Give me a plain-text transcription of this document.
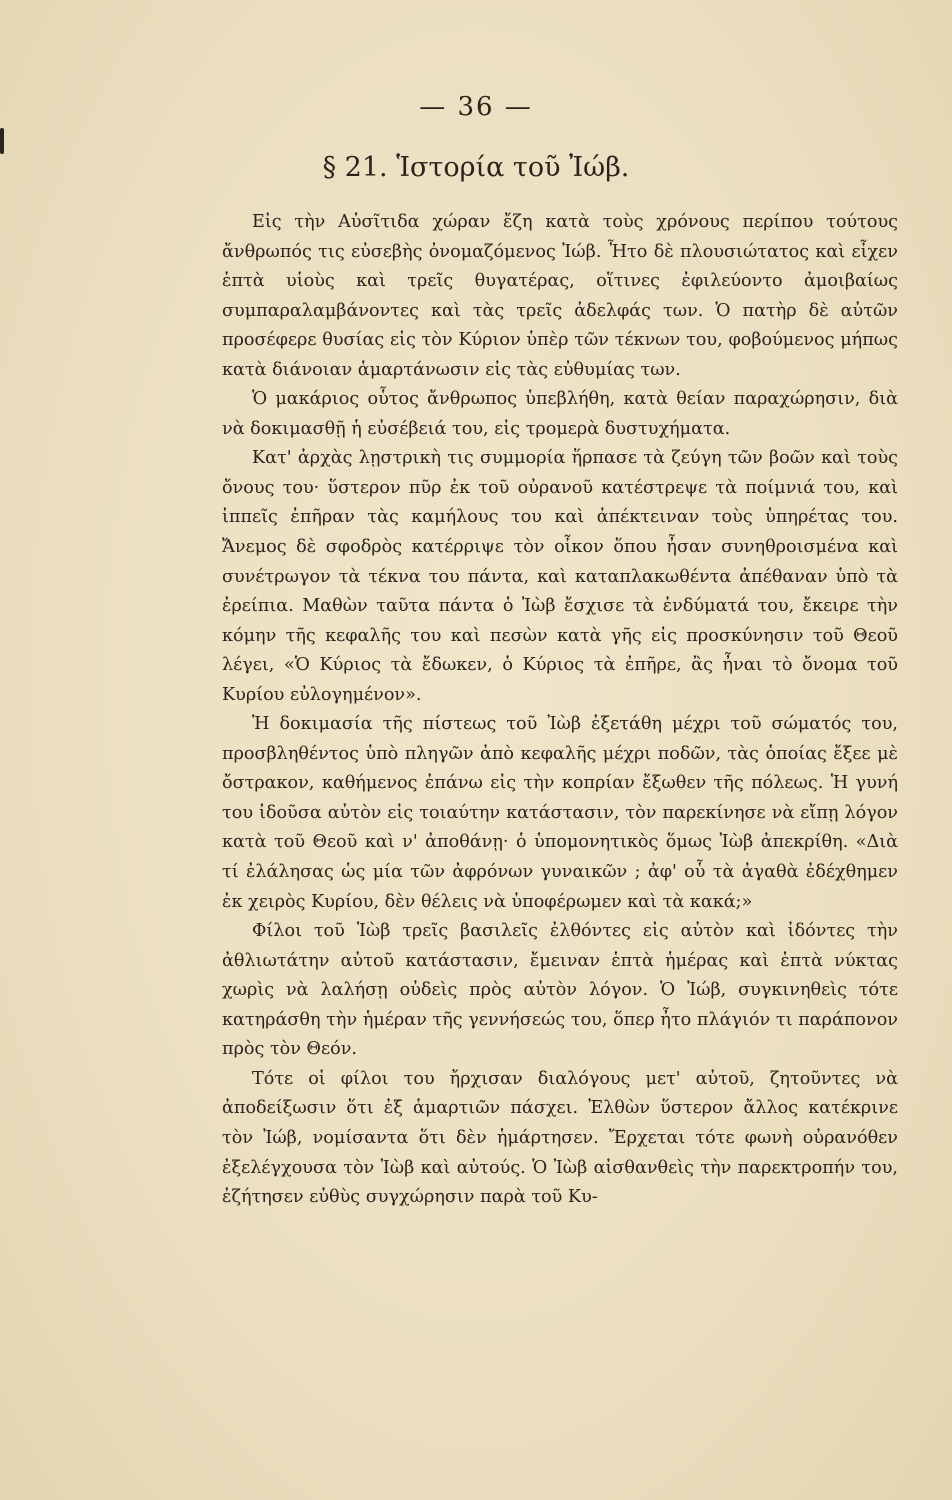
— 36 —
§ 21. Ἱστορία τοῦ Ἰώβ.

Εἰς τὴν Αὐσῖτιδα χώραν ἔζη κατὰ τοὺς χρόνους περίπου τούτους ἄνθρωπός τις εὐσεβὴς ὀνομαζόμενος Ἰώβ. Ἦτο δὲ πλουσιώτατος καὶ εἶχεν ἑπτὰ υἱοὺς καὶ τρεῖς θυγατέρας, οἵτινες ἐφιλεύοντο ἀμοιβαίως συμπαραλαμβάνοντες καὶ τὰς τρεῖς ἀδελφάς των. Ὁ πατὴρ δὲ αὐτῶν προσέφερε θυσίας εἰς τὸν Κύριον ὑπὲρ τῶν τέκνων του, φοβούμενος μήπως κατὰ διάνοιαν ἁμαρτάνωσιν εἰς τὰς εὐθυμίας των.

Ὁ μακάριος οὗτος ἄνθρωπος ὑπεβλήθη, κατὰ θείαν παραχώρησιν, διὰ νὰ δοκιμασθῇ ἡ εὐσέβειά του, εἰς τρομερὰ δυστυχήματα.

Κατ' ἀρχὰς λῃστρικὴ τις συμμορία ἥρπασε τὰ ζεύγη τῶν βοῶν καὶ τοὺς ὄνους του· ὕστερον πῦρ ἐκ τοῦ οὐρανοῦ κατέστρεψε τὰ ποίμνιά του, καὶ ἱππεῖς ἐπῆραν τὰς καμήλους του καὶ ἀπέκτειναν τοὺς ὑπηρέτας του. Ἄνεμος δὲ σφοδρὸς κατέρριψε τὸν οἶκον ὅπου ἦσαν συνηθροισμένα καὶ συνέτρωγον τὰ τέκνα του πάντα, καὶ καταπλακωθέντα ἀπέθαναν ὑπὸ τὰ ἐρείπια. Μαθὼν ταῦτα πάντα ὁ Ἰὼβ ἔσχισε τὰ ἐνδύματά του, ἔκειρε τὴν κόμην τῆς κεφαλῆς του καὶ πεσὼν κατὰ γῆς εἰς προσκύνησιν τοῦ Θεοῦ λέγει, «Ὁ Κύριος τὰ ἔδωκεν, ὁ Κύριος τὰ ἐπῆρε, ἂς ἦναι τὸ ὄνομα τοῦ Κυρίου εὐλογημένον».

Ἡ δοκιμασία τῆς πίστεως τοῦ Ἰὼβ ἐξετάθη μέχρι τοῦ σώματός του, προσβληθέντος ὑπὸ πληγῶν ἀπὸ κεφαλῆς μέχρι ποδῶν, τὰς ὁποίας ἔξεε μὲ ὄστρακον, καθήμενος ἐπάνω εἰς τὴν κοπρίαν ἔξωθεν τῆς πόλεως. Ἡ γυνή του ἰδοῦσα αὐτὸν εἰς τοιαύτην κατάστασιν, τὸν παρεκίνησε νὰ εἴπῃ λόγον κατὰ τοῦ Θεοῦ καὶ ν' ἀποθάνῃ· ὁ ὑπομονητικὸς ὅμως Ἰὼβ ἀπεκρίθη. «Διὰ τί ἐλάλησας ὡς μία τῶν ἀφρόνων γυναικῶν ; ἀφ' οὗ τὰ ἀγαθὰ ἐδέχθημεν ἐκ χειρὸς Κυρίου, δὲν θέλεις νὰ ὑποφέρωμεν καὶ τὰ κακά;»

Φίλοι τοῦ Ἰὼβ τρεῖς βασιλεῖς ἐλθόντες εἰς αὐτὸν καὶ ἰδόντες τὴν ἀθλιωτάτην αὐτοῦ κατάστασιν, ἔμειναν ἑπτὰ ἡμέρας καὶ ἑπτὰ νύκτας χωρὶς νὰ λαλήσῃ οὐδεὶς πρὸς αὐτὸν λόγον. Ὁ Ἰώβ, συγκινηθεὶς τότε κατηράσθη τὴν ἡμέραν τῆς γεννήσεώς του, ὅπερ ἦτο πλάγιόν τι παράπονον πρὸς τὸν Θεόν.

Τότε οἱ φίλοι του ἤρχισαν διαλόγους μετ' αὐτοῦ, ζητοῦντες νὰ ἀποδείξωσιν ὅτι ἐξ ἁμαρτιῶν πάσχει. Ἐλθὼν ὕστερον ἄλλος κατέκρινε τὸν Ἰώβ, νομίσαντα ὅτι δὲν ἡμάρτησεν. Ἔρχεται τότε φωνὴ οὐρανόθεν ἐξελέγχουσα τὸν Ἰὼβ καὶ αὐτούς. Ὁ Ἰὼβ αἰσθανθεὶς τὴν παρεκτροπήν του, ἐζήτησεν εὐθὺς συγχώρησιν παρὰ τοῦ Κυ-
